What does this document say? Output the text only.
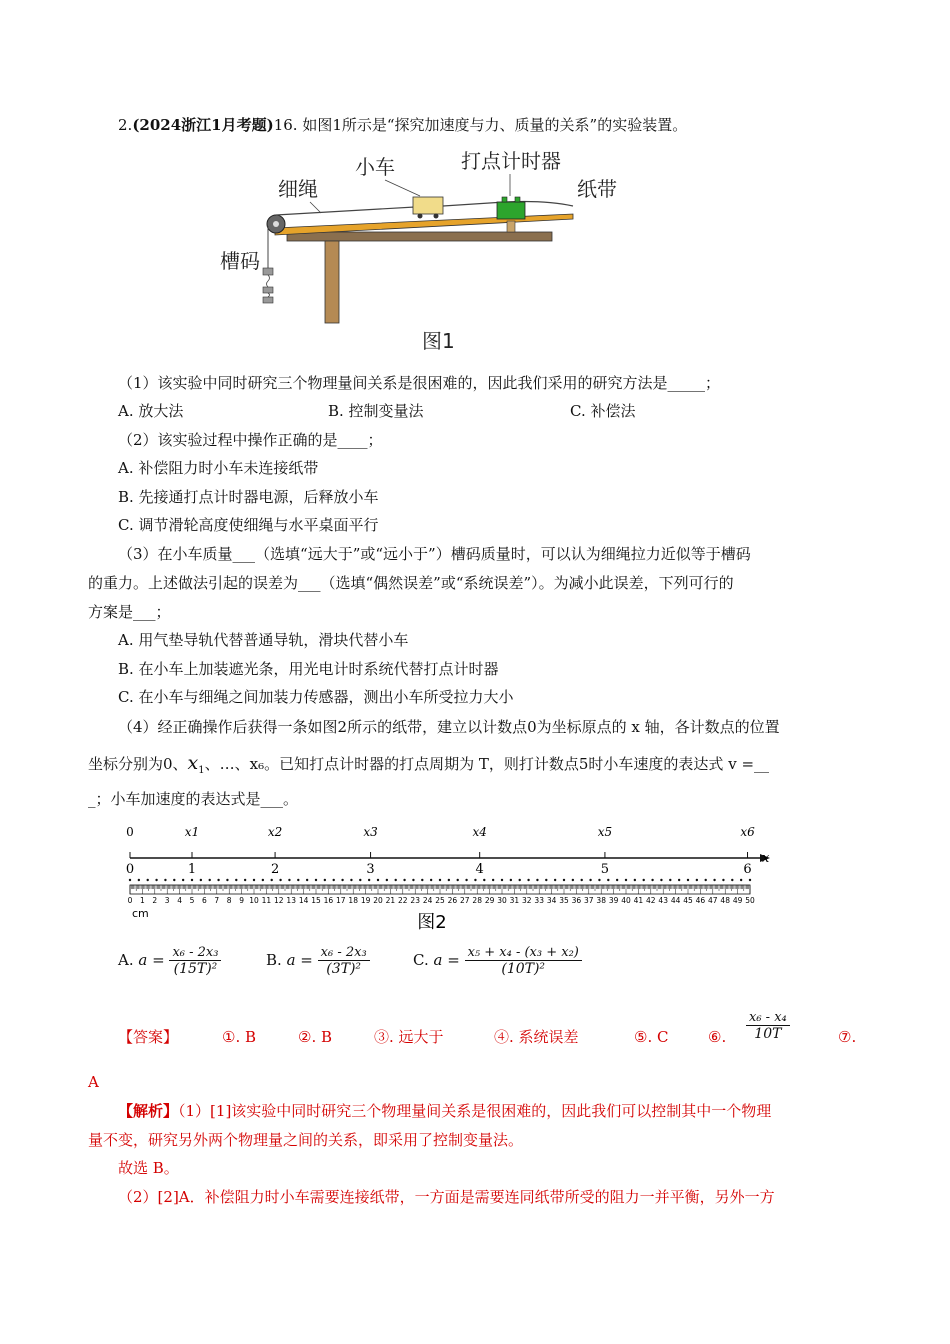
2.(2024浙江1月考题)16. 如图1所示是“探究加速度与力、质量的关系”的实验装置。
小车	打点计时器
细绳	纸带
槽码
图1
（1）该实验中同时研究三个物理量间关系是很困难的，因此我们采用的研究方法是_____；
A. 放大法	B. 控制变量法	C. 补偿法
（2）该实验过程中操作正确的是____；
A. 补偿阻力时小车未连接纸带
B. 先接通打点计时器电源，后释放小车
C. 调节滑轮高度使细绳与水平桌面平行
（3）在小车质量___（选填“远大于”或“远小于”）槽码质量时，可以认为细绳拉力近似等于槽码
的重力。上述做法引起的误差为___（选填“偶然误差”或“系统误差”）。为减小此误差，下列可行的
方案是___；
A. 用气垫导轨代替普通导轨，滑块代替小车
B. 在小车上加装遮光条，用光电计时系统代替打点计时器
C. 在小车与细绳之间加装力传感器，测出小车所受拉力大小
（4）经正确操作后获得一条如图2所示的纸带，建立以计数点0为坐标原点的 x 轴，各计数点的位置
坐标分别为0、$x_1$、…、x₆。已知打点计时器的打点周期为 T，则打计数点5时小车速度的表达式 v =__
_；小车加速度的表达式是___。
x
0
0
x1
1
x2
2
x3
3
x4
4
x5
5
x6
6
0 1 2 3 4 5 6 7 8 9 10 11 12 13 14 15 16 17 18 19 20 21 22 23 24 25 26 27 28 29 30 31 32 33 34 35 36 37 38 39 40 41 42 43 44 45 46 47 48 49 50
cm	图2
A. $a = \frac{\text{x₆ - 2x₃}}{\text{(15T)²}}$	B. $a = \frac{\text{x₆ - 2x₃}}{\text{(3T)²}}$	C. $a = \frac{\text{x₅ + x₄ - (x₃ + x₂)}}{\text{(10T)²}}$
【答案】	①. B	②. B	③. 远大于	④. 系统误差	⑤. C	⑥. $\frac{\text{x₆ - x₄}}{10T}$	⑦.
A
【解析】（1）[1]该实验中同时研究三个物理量间关系是很困难的，因此我们可以控制其中一个物理
量不变，研究另外两个物理量之间的关系，即采用了控制变量法。
故选 B。
（2）[2]A．补偿阻力时小车需要连接纸带，一方面是需要连同纸带所受的阻力一并平衡，另外一方
